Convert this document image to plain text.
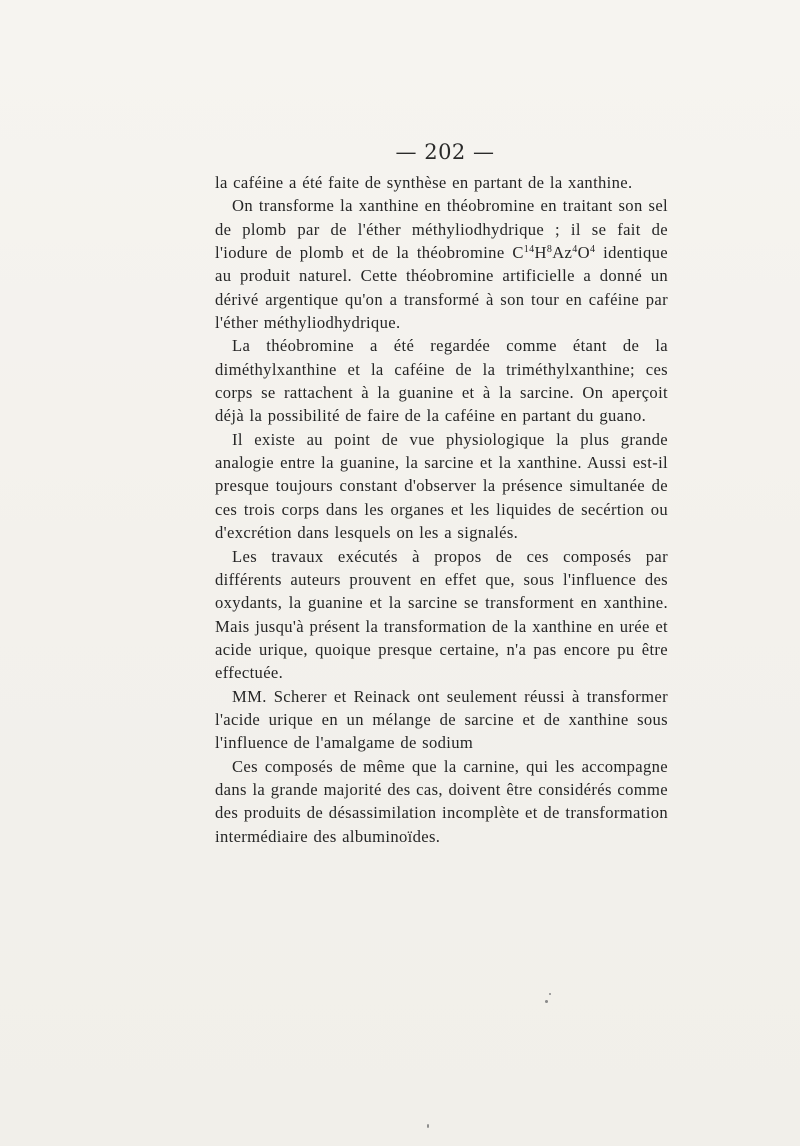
— 202 —

la caféine a été faite de synthèse en partant de la xanthine.

On transforme la xanthine en théobromine en traitant son sel de plomb par de l'éther méthyliodhydrique ; il se fait de l'iodure de plomb et de la théobromine $C^{14}H^8Az^4O^4$ identique au produit naturel. Cette théobromine artificielle a donné un dérivé argentique qu'on a transformé à son tour en caféine par l'éther méthyliodhydrique.

La théobromine a été regardée comme étant de la diméthylxanthine et la caféine de la triméthylxanthine; ces corps se rattachent à la guanine et à la sarcine. On aperçoit déjà la possibilité de faire de la caféine en partant du guano.

Il existe au point de vue physiologique la plus grande analogie entre la guanine, la sarcine et la xanthine. Aussi est-il presque toujours constant d'observer la présence simultanée de ces trois corps dans les organes et les liquides de secértion ou d'excrétion dans lesquels on les a signalés.

Les travaux exécutés à propos de ces composés par différents auteurs prouvent en effet que, sous l'influence des oxydants, la guanine et la sarcine se transforment en xanthine. Mais jusqu'à présent la transformation de la xanthine en urée et acide urique, quoique presque certaine, n'a pas encore pu être effectuée.

MM. Scherer et Reinack ont seulement réussi à transformer l'acide urique en un mélange de sarcine et de xanthine sous l'influence de l'amalgame de sodium

Ces composés de même que la carnine, qui les accompagne dans la grande majorité des cas, doivent être considérés comme des produits de désassimilation incomplète et de transformation intermédiaire des albuminoïdes.
